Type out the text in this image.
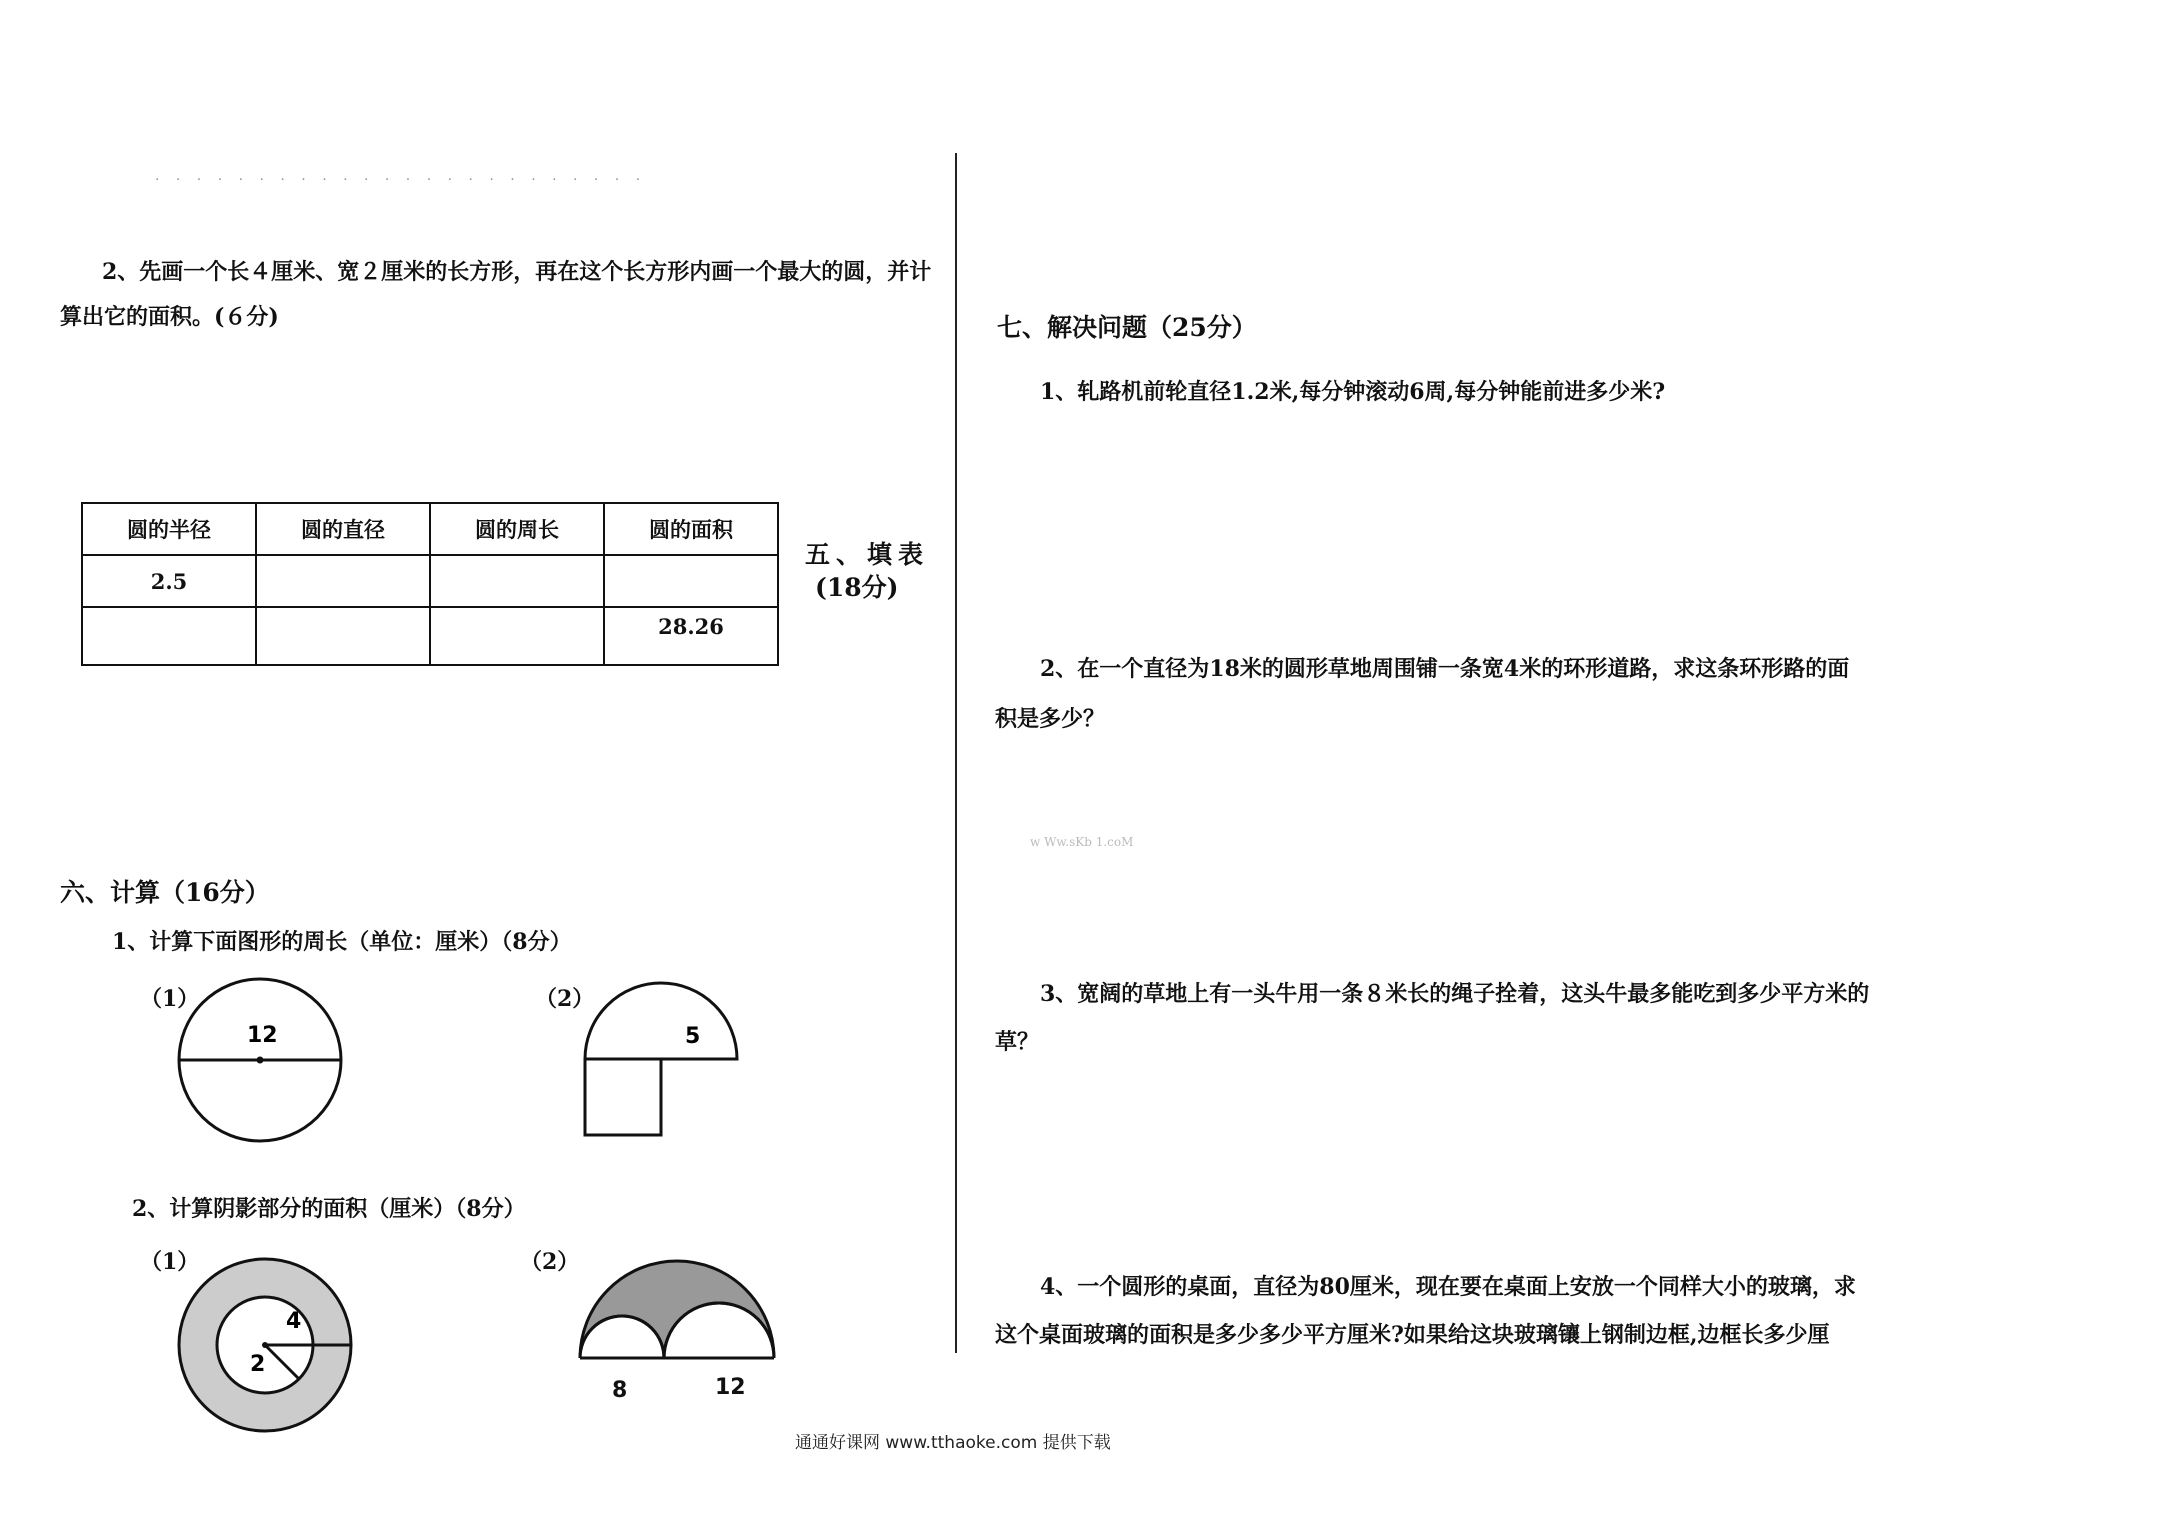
. . . . . . . . . . . . . . . . . . . . . . . .
2、先画一个长４厘米、宽２厘米的长方形，再在这个长方形内画一个最大的圆，并计
算出它的面积。(６分)
圆的半径	圆的直径	圆的周长	圆的面积
2.5			
			28.26
五、填表
(18分)
六、计算（16分）
1、计算下面图形的周长（单位：厘米）（8分）
（1）	（2）
12	5
2、计算阴影部分的面积（厘米）（8分）
（1）	（2）
4
2
8	12
七、解决问题（25分）
1、轧路机前轮直径1.2米,每分钟滚动6周,每分钟能前进多少米?
2、在一个直径为18米的圆形草地周围铺一条宽4米的环形道路，求这条环形路的面
积是多少？
w Ww.sKb 1.coM
3、宽阔的草地上有一头牛用一条８米长的绳子拴着，这头牛最多能吃到多少平方米的
草？
4、一个圆形的桌面，直径为80厘米，现在要在桌面上安放一个同样大小的玻璃，求
这个桌面玻璃的面积是多少多少平方厘米?如果给这块玻璃镶上钢制边框,边框长多少厘
通通好课网 www.tthaoke.com 提供下载
